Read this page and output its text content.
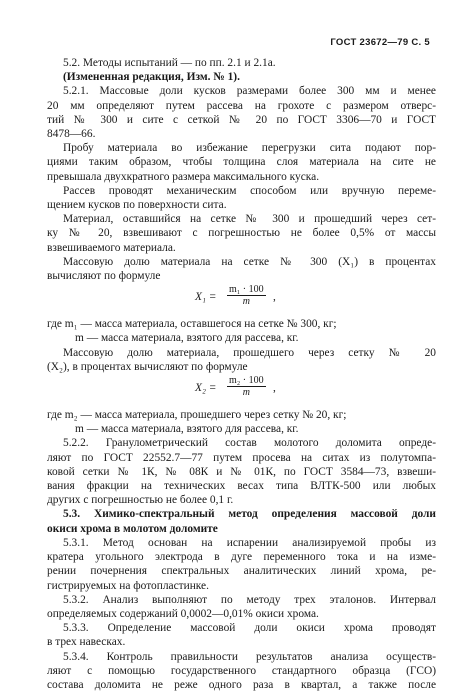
ГОСТ 23672—79 С. 5

5.2. Методы испытаний — по пп. 2.1 и 2.1а.

(Измененная редакция, Изм. № 1).

5.2.1. Массовые доли кусков размерами более 300 мм и менее
20 мм определяют путем рассева на грохоте с размером отверс-
тий № 300 и сите с сеткой № 20 по ГОСТ 3306—70 и ГОСТ
8478—66.

Пробу материала во избежание перегрузки сита подают пор-
циями таким образом, чтобы толщина слоя материала на сите не
превышала двухкратного размера максимального куска.

Рассев проводят механическим способом или вручную переме-
щением кусков по поверхности сита.

Материал, оставшийся на сетке № 300 и прошедший через сет-
ку № 20, взвешивают с погрешностью не более 0,5% от массы
взвешиваемого материала.

Массовую долю материала на сетке № 300 (X₁) в процентах
вычисляют по формуле

$X_1 = \frac{\text{m₁ · 100}}{m}$ ,

где m₁ — масса материала, оставшегося на сетке № 300, кг;
m — масса материала, взятого для рассева, кг.

Массовую долю материала, прошедшего через сетку № 20
(X₂), в процентах вычисляют по формуле

$X_2 = \frac{\text{m₂ · 100}}{m}$ ,

где m₂ — масса материала, прошедшего через сетку № 20, кг;
m — масса материала, взятого для рассева, кг.

5.2.2. Гранулометрический состав молотого доломита опреде-
ляют по ГОСТ 22552.7—77 путем просева на ситах из полутомпа-
ковой сетки № 1К, № 08К и № 01К, по ГОСТ 3584—73, взвеши-
вания фракции на технических весах типа ВЛТК-500 или любых
других с погрешностью не более 0,1 г.

5.3. Химико-спектральный метод определения массовой доли
окиси хрома в молотом доломите

5.3.1. Метод основан на испарении анализируемой пробы из
кратера угольного электрода в дуге переменного тока и на изме-
рении почернения спектральных аналитических линий хрома, ре-
гистрируемых на фотопластинке.

5.3.2. Анализ выполняют по методу трех эталонов. Интервал
определяемых содержаний 0,0002—0,01% окиси хрома.

5.3.3. Определение массовой доли окиси хрома проводят
в трех навесках.

5.3.4. Контроль правильности результатов анализа осуществ-
ляют с помощью государственного стандартного образца (ГСО)
состава доломита не реже одного раза в квартал, а также после
